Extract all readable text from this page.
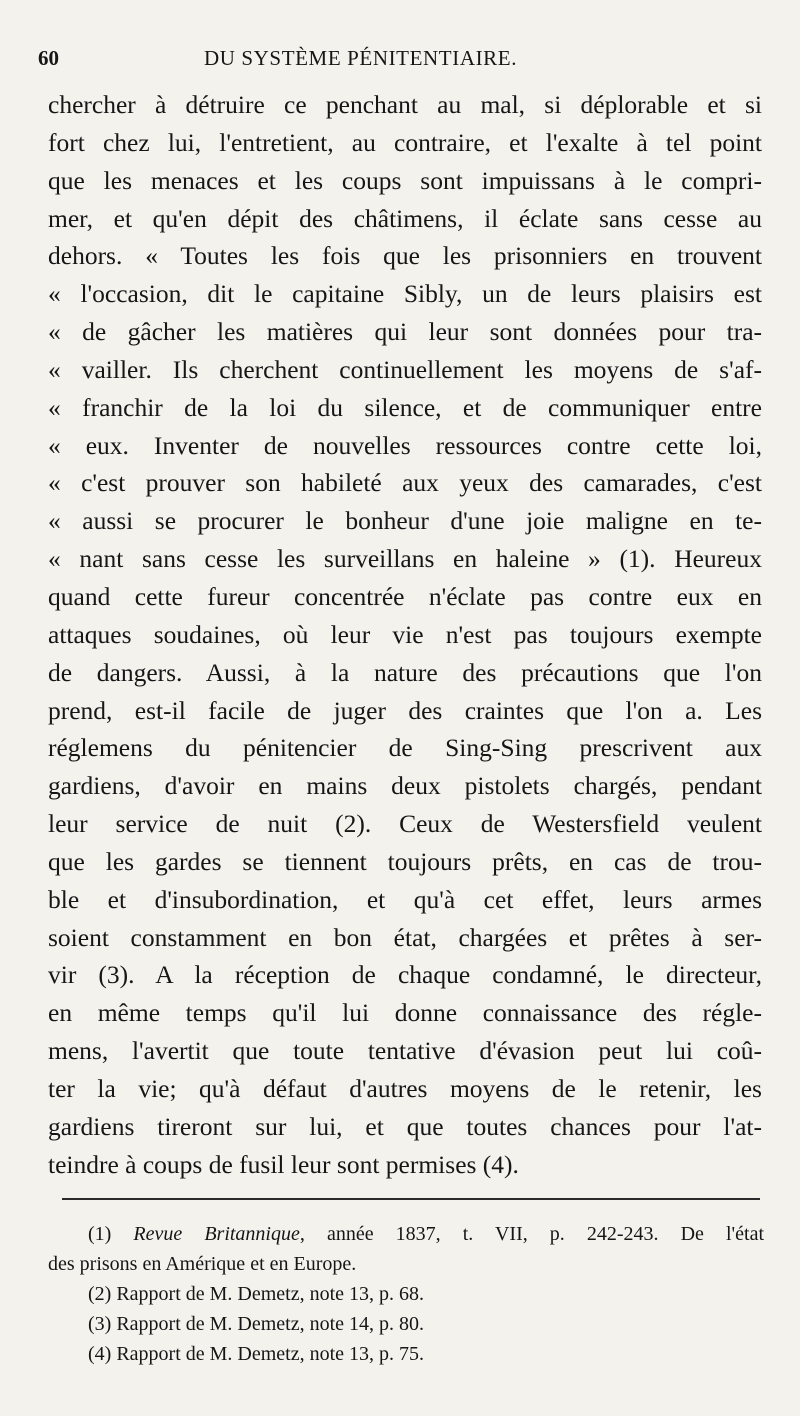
60	DU SYSTÈME PÉNITENTIAIRE.
chercher à détruire ce penchant au mal, si déplorable et si
fort chez lui, l'entretient, au contraire, et l'exalte à tel point
que les menaces et les coups sont impuissans à le compri-
mer, et qu'en dépit des châtimens, il éclate sans cesse au
dehors. « Toutes les fois que les prisonniers en trouvent
« l'occasion, dit le capitaine Sibly, un de leurs plaisirs est
« de gâcher les matières qui leur sont données pour tra-
« vailler. Ils cherchent continuellement les moyens de s'af-
« franchir de la loi du silence, et de communiquer entre
« eux. Inventer de nouvelles ressources contre cette loi,
« c'est prouver son habileté aux yeux des camarades, c'est
« aussi se procurer le bonheur d'une joie maligne en te-
« nant sans cesse les surveillans en haleine » (1). Heureux
quand cette fureur concentrée n'éclate pas contre eux en
attaques soudaines, où leur vie n'est pas toujours exempte
de dangers. Aussi, à la nature des précautions que l'on
prend, est-il facile de juger des craintes que l'on a. Les
réglemens du pénitencier de Sing-Sing prescrivent aux
gardiens, d'avoir en mains deux pistolets chargés, pendant
leur service de nuit (2). Ceux de Westersfield veulent
que les gardes se tiennent toujours prêts, en cas de trou-
ble et d'insubordination, et qu'à cet effet, leurs armes
soient constamment en bon état, chargées et prêtes à ser-
vir (3). A la réception de chaque condamné, le directeur,
en même temps qu'il lui donne connaissance des régle-
mens, l'avertit que toute tentative d'évasion peut lui coû-
ter la vie; qu'à défaut d'autres moyens de le retenir, les
gardiens tireront sur lui, et que toutes chances pour l'at-
teindre à coups de fusil leur sont permises (4).
(1) Revue Britannique, année 1837, t. VII, p. 242-243. De l'état
des prisons en Amérique et en Europe.
(2) Rapport de M. Demetz, note 13, p. 68.
(3) Rapport de M. Demetz, note 14, p. 80.
(4) Rapport de M. Demetz, note 13, p. 75.
